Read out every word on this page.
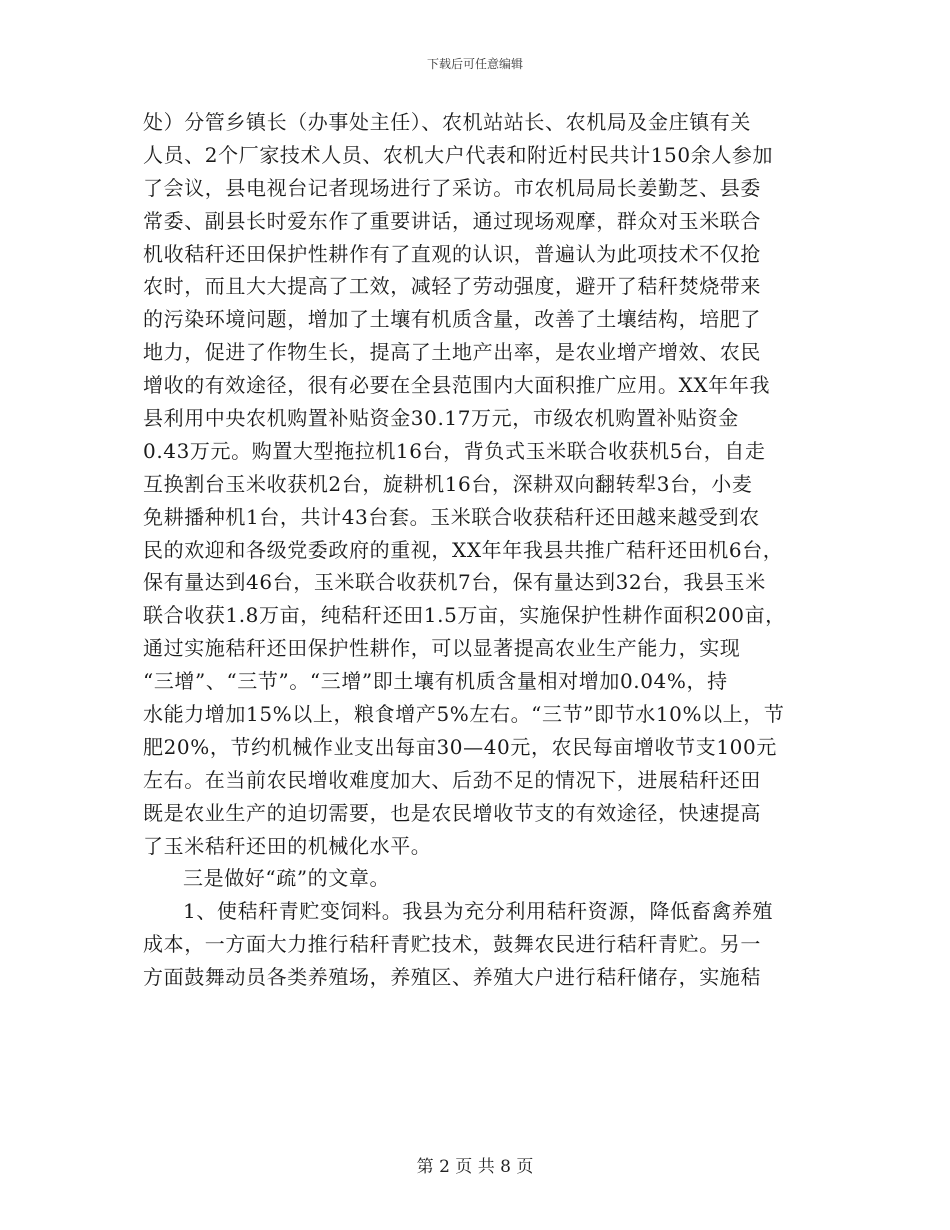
下载后可任意编辑
处）分管乡镇长（办事处主任）、农机站站长、农机局及金庄镇有关
人员、2个厂家技术人员、农机大户代表和附近村民共计150余人参加
了会议，县电视台记者现场进行了采访。市农机局局长姜勤芝、县委
常委、副县长时爱东作了重要讲话，通过现场观摩，群众对玉米联合
机收秸秆还田保护性耕作有了直观的认识，普遍认为此项技术不仅抢
农时，而且大大提高了工效，减轻了劳动强度，避开了秸秆焚烧带来
的污染环境问题，增加了土壤有机质含量，改善了土壤结构，培肥了
地力，促进了作物生长，提高了土地产出率，是农业增产增效、农民
增收的有效途径，很有必要在全县范围内大面积推广应用。XX年年我
县利用中央农机购置补贴资金30.17万元，市级农机购置补贴资金
0.43万元。购置大型拖拉机16台，背负式玉米联合收获机5台，自走
互换割台玉米收获机2台，旋耕机16台，深耕双向翻转犁3台，小麦
免耕播种机1台，共计43台套。玉米联合收获秸秆还田越来越受到农
民的欢迎和各级党委政府的重视，XX年年我县共推广秸秆还田机6台，
保有量达到46台，玉米联合收获机7台，保有量达到32台，我县玉米
联合收获1.8万亩，纯秸秆还田1.5万亩，实施保护性耕作面积200亩，
通过实施秸秆还田保护性耕作，可以显著提高农业生产能力，实现
“三增”、“三节”。“三增”即土壤有机质含量相对增加0.04%，持
水能力增加15%以上，粮食增产5%左右。“三节”即节水10%以上，节
肥20%，节约机械作业支出每亩30—40元，农民每亩增收节支100元
左右。在当前农民增收难度加大、后劲不足的情况下，进展秸秆还田
既是农业生产的迫切需要，也是农民增收节支的有效途径，快速提高
了玉米秸秆还田的机械化水平。
三是做好“疏”的文章。
1、使秸秆青贮变饲料。我县为充分利用秸秆资源，降低畜禽养殖
成本，一方面大力推行秸秆青贮技术，鼓舞农民进行秸秆青贮。另一
方面鼓舞动员各类养殖场，养殖区、养殖大户进行秸秆储存，实施秸
第 2 页 共 8 页
